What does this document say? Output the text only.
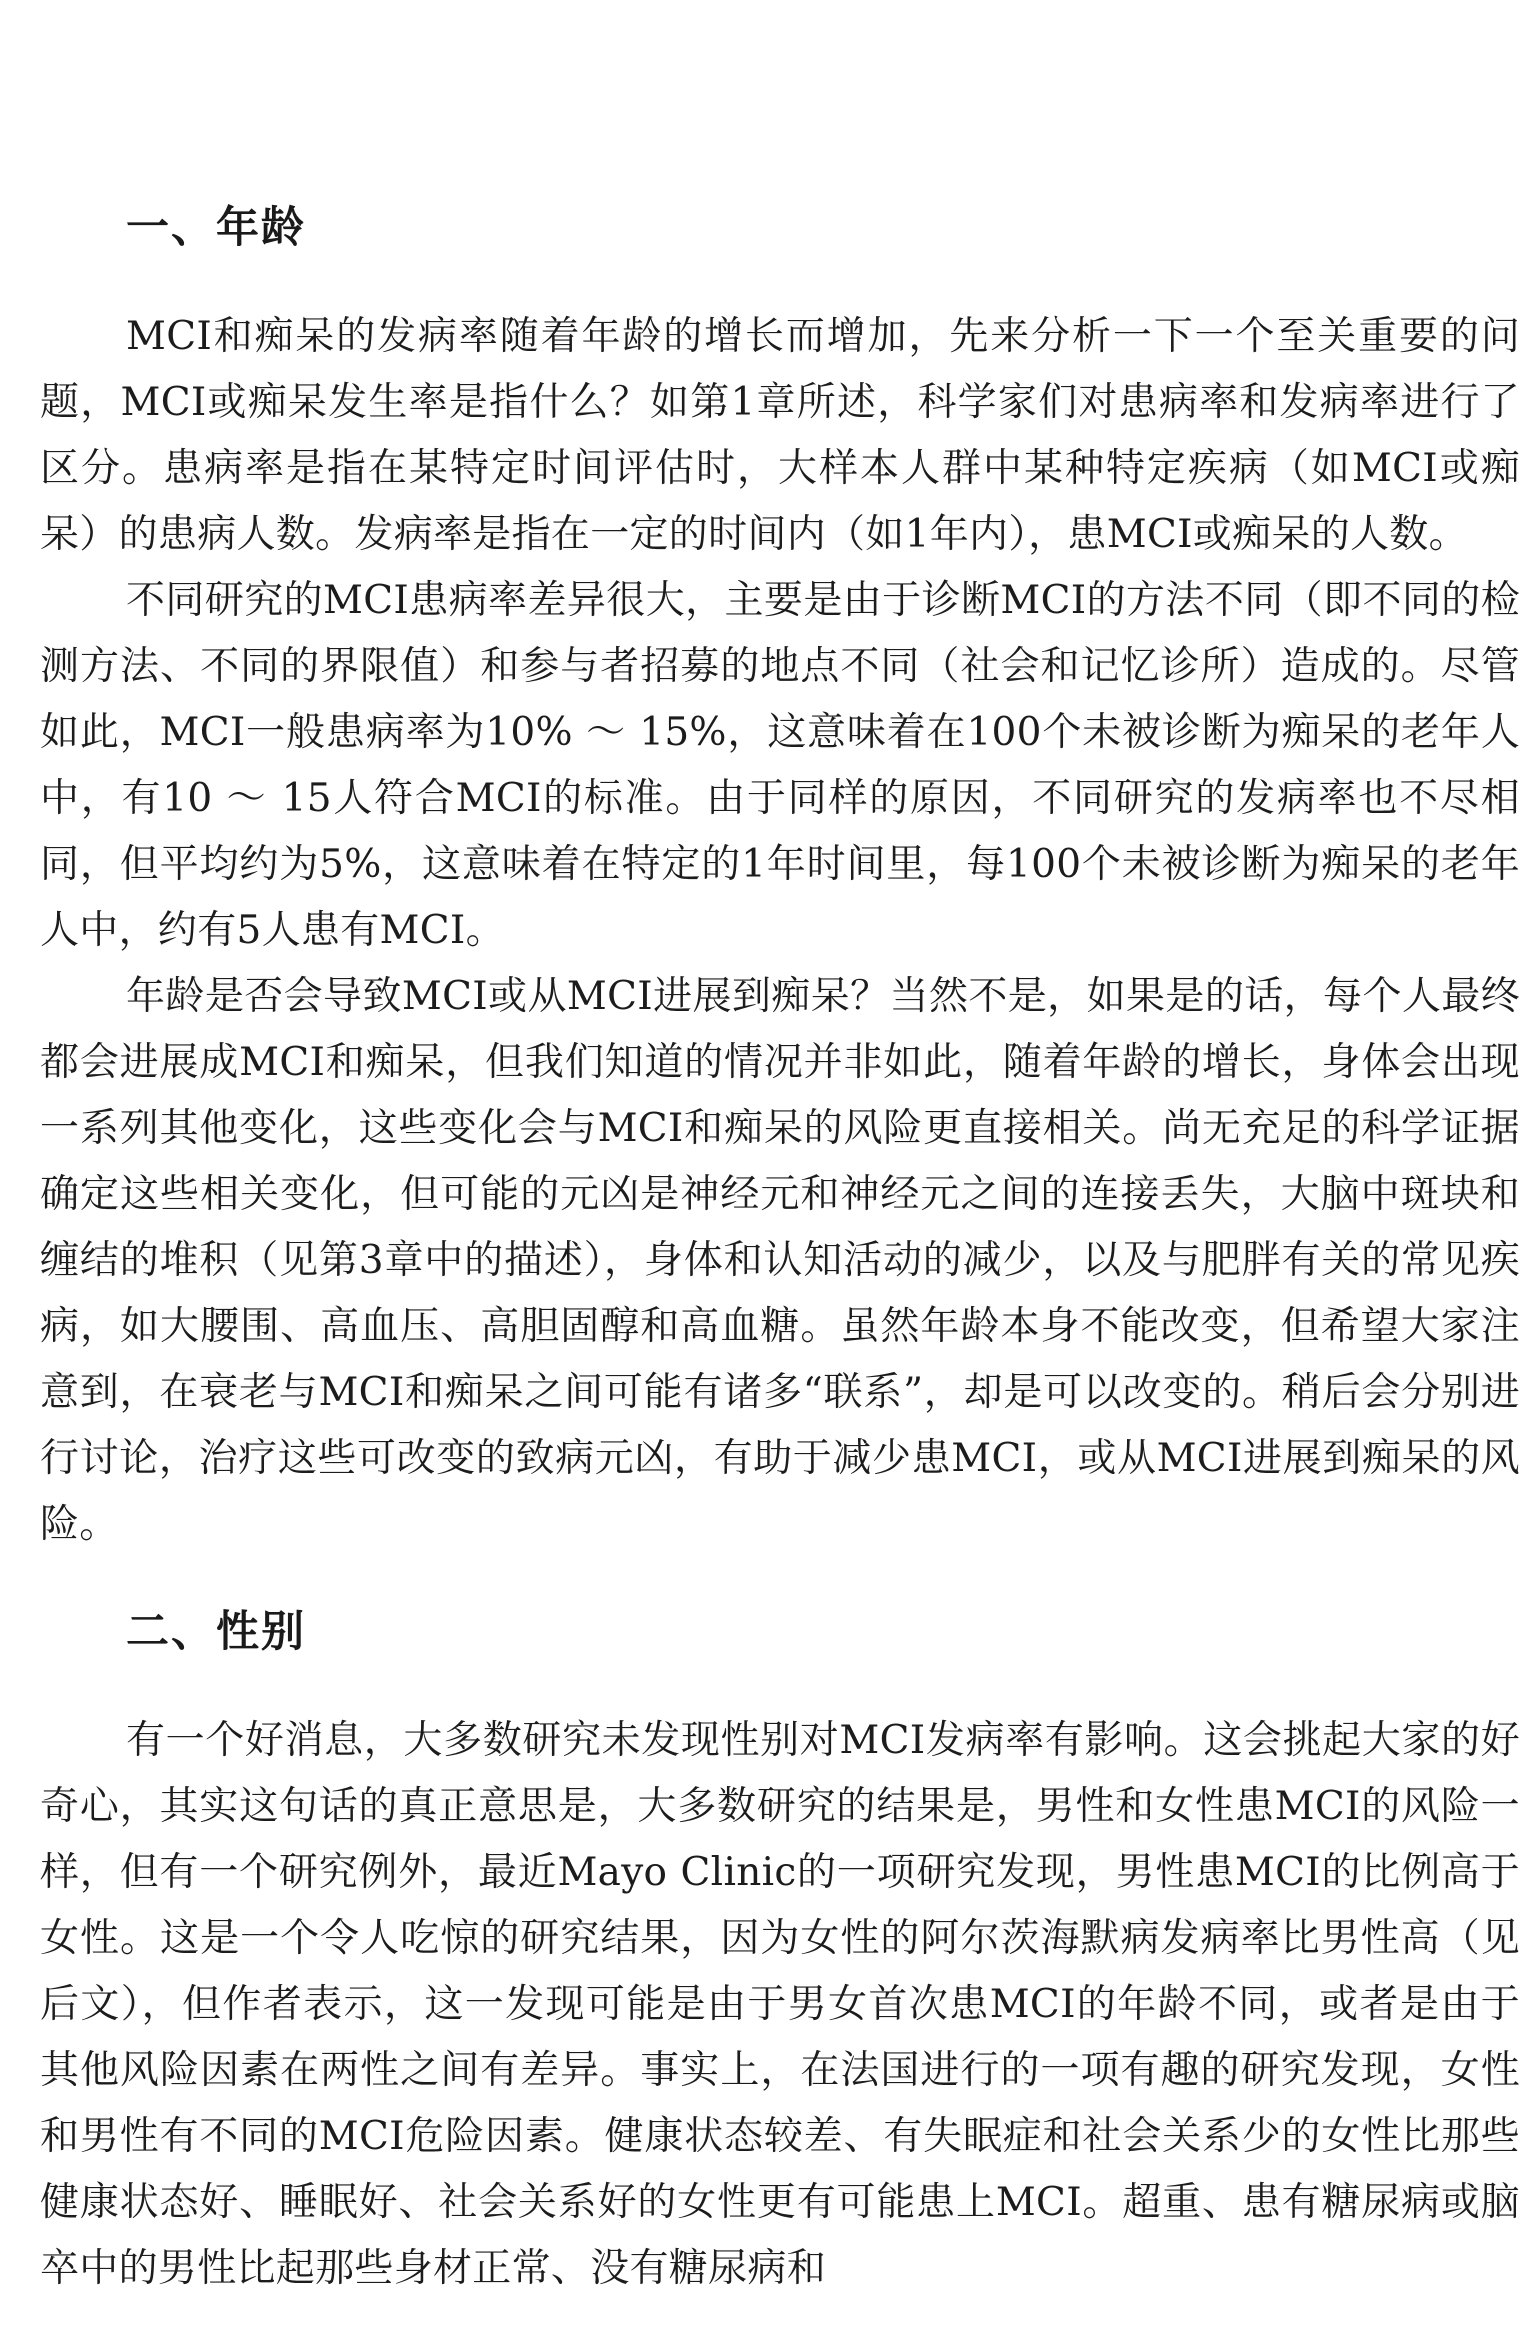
一、年龄

MCI和痴呆的发病率随着年龄的增长而增加，先来分析一下一个至关重要的问题，MCI或痴呆发生率是指什么？如第1章所述，科学家们对患病率和发病率进行了区分。患病率是指在某特定时间评估时，大样本人群中某种特定疾病（如MCI或痴呆）的患病人数。发病率是指在一定的时间内（如1年内），患MCI或痴呆的人数。

不同研究的MCI患病率差异很大，主要是由于诊断MCI的方法不同（即不同的检测方法、不同的界限值）和参与者招募的地点不同（社会和记忆诊所）造成的。尽管如此，MCI一般患病率为10% ～ 15%，这意味着在100个未被诊断为痴呆的老年人中，有10 ～ 15人符合MCI的标准。由于同样的原因，不同研究的发病率也不尽相同，但平均约为5%，这意味着在特定的1年时间里，每100个未被诊断为痴呆的老年人中，约有5人患有MCI。

年龄是否会导致MCI或从MCI进展到痴呆？当然不是，如果是的话，每个人最终都会进展成MCI和痴呆，但我们知道的情况并非如此，随着年龄的增长，身体会出现一系列其他变化，这些变化会与MCI和痴呆的风险更直接相关。尚无充足的科学证据确定这些相关变化，但可能的元凶是神经元和神经元之间的连接丢失，大脑中斑块和缠结的堆积（见第3章中的描述），身体和认知活动的减少，以及与肥胖有关的常见疾病，如大腰围、高血压、高胆固醇和高血糖。虽然年龄本身不能改变，但希望大家注意到，在衰老与MCI和痴呆之间可能有诸多“联系”，却是可以改变的。稍后会分别进行讨论，治疗这些可改变的致病元凶，有助于减少患MCI，或从MCI进展到痴呆的风险。

二、性别

有一个好消息，大多数研究未发现性别对MCI发病率有影响。这会挑起大家的好奇心，其实这句话的真正意思是，大多数研究的结果是，男性和女性患MCI的风险一样，但有一个研究例外，最近Mayo Clinic的一项研究发现，男性患MCI的比例高于女性。这是一个令人吃惊的研究结果，因为女性的阿尔茨海默病发病率比男性高（见后文），但作者表示，这一发现可能是由于男女首次患MCI的年龄不同，或者是由于其他风险因素在两性之间有差异。事实上，在法国进行的一项有趣的研究发现，女性和男性有不同的MCI危险因素。健康状态较差、有失眠症和社会关系少的女性比那些健康状态好、睡眠好、社会关系好的女性更有可能患上MCI。超重、患有糖尿病或脑卒中的男性比起那些身材正常、没有糖尿病和
